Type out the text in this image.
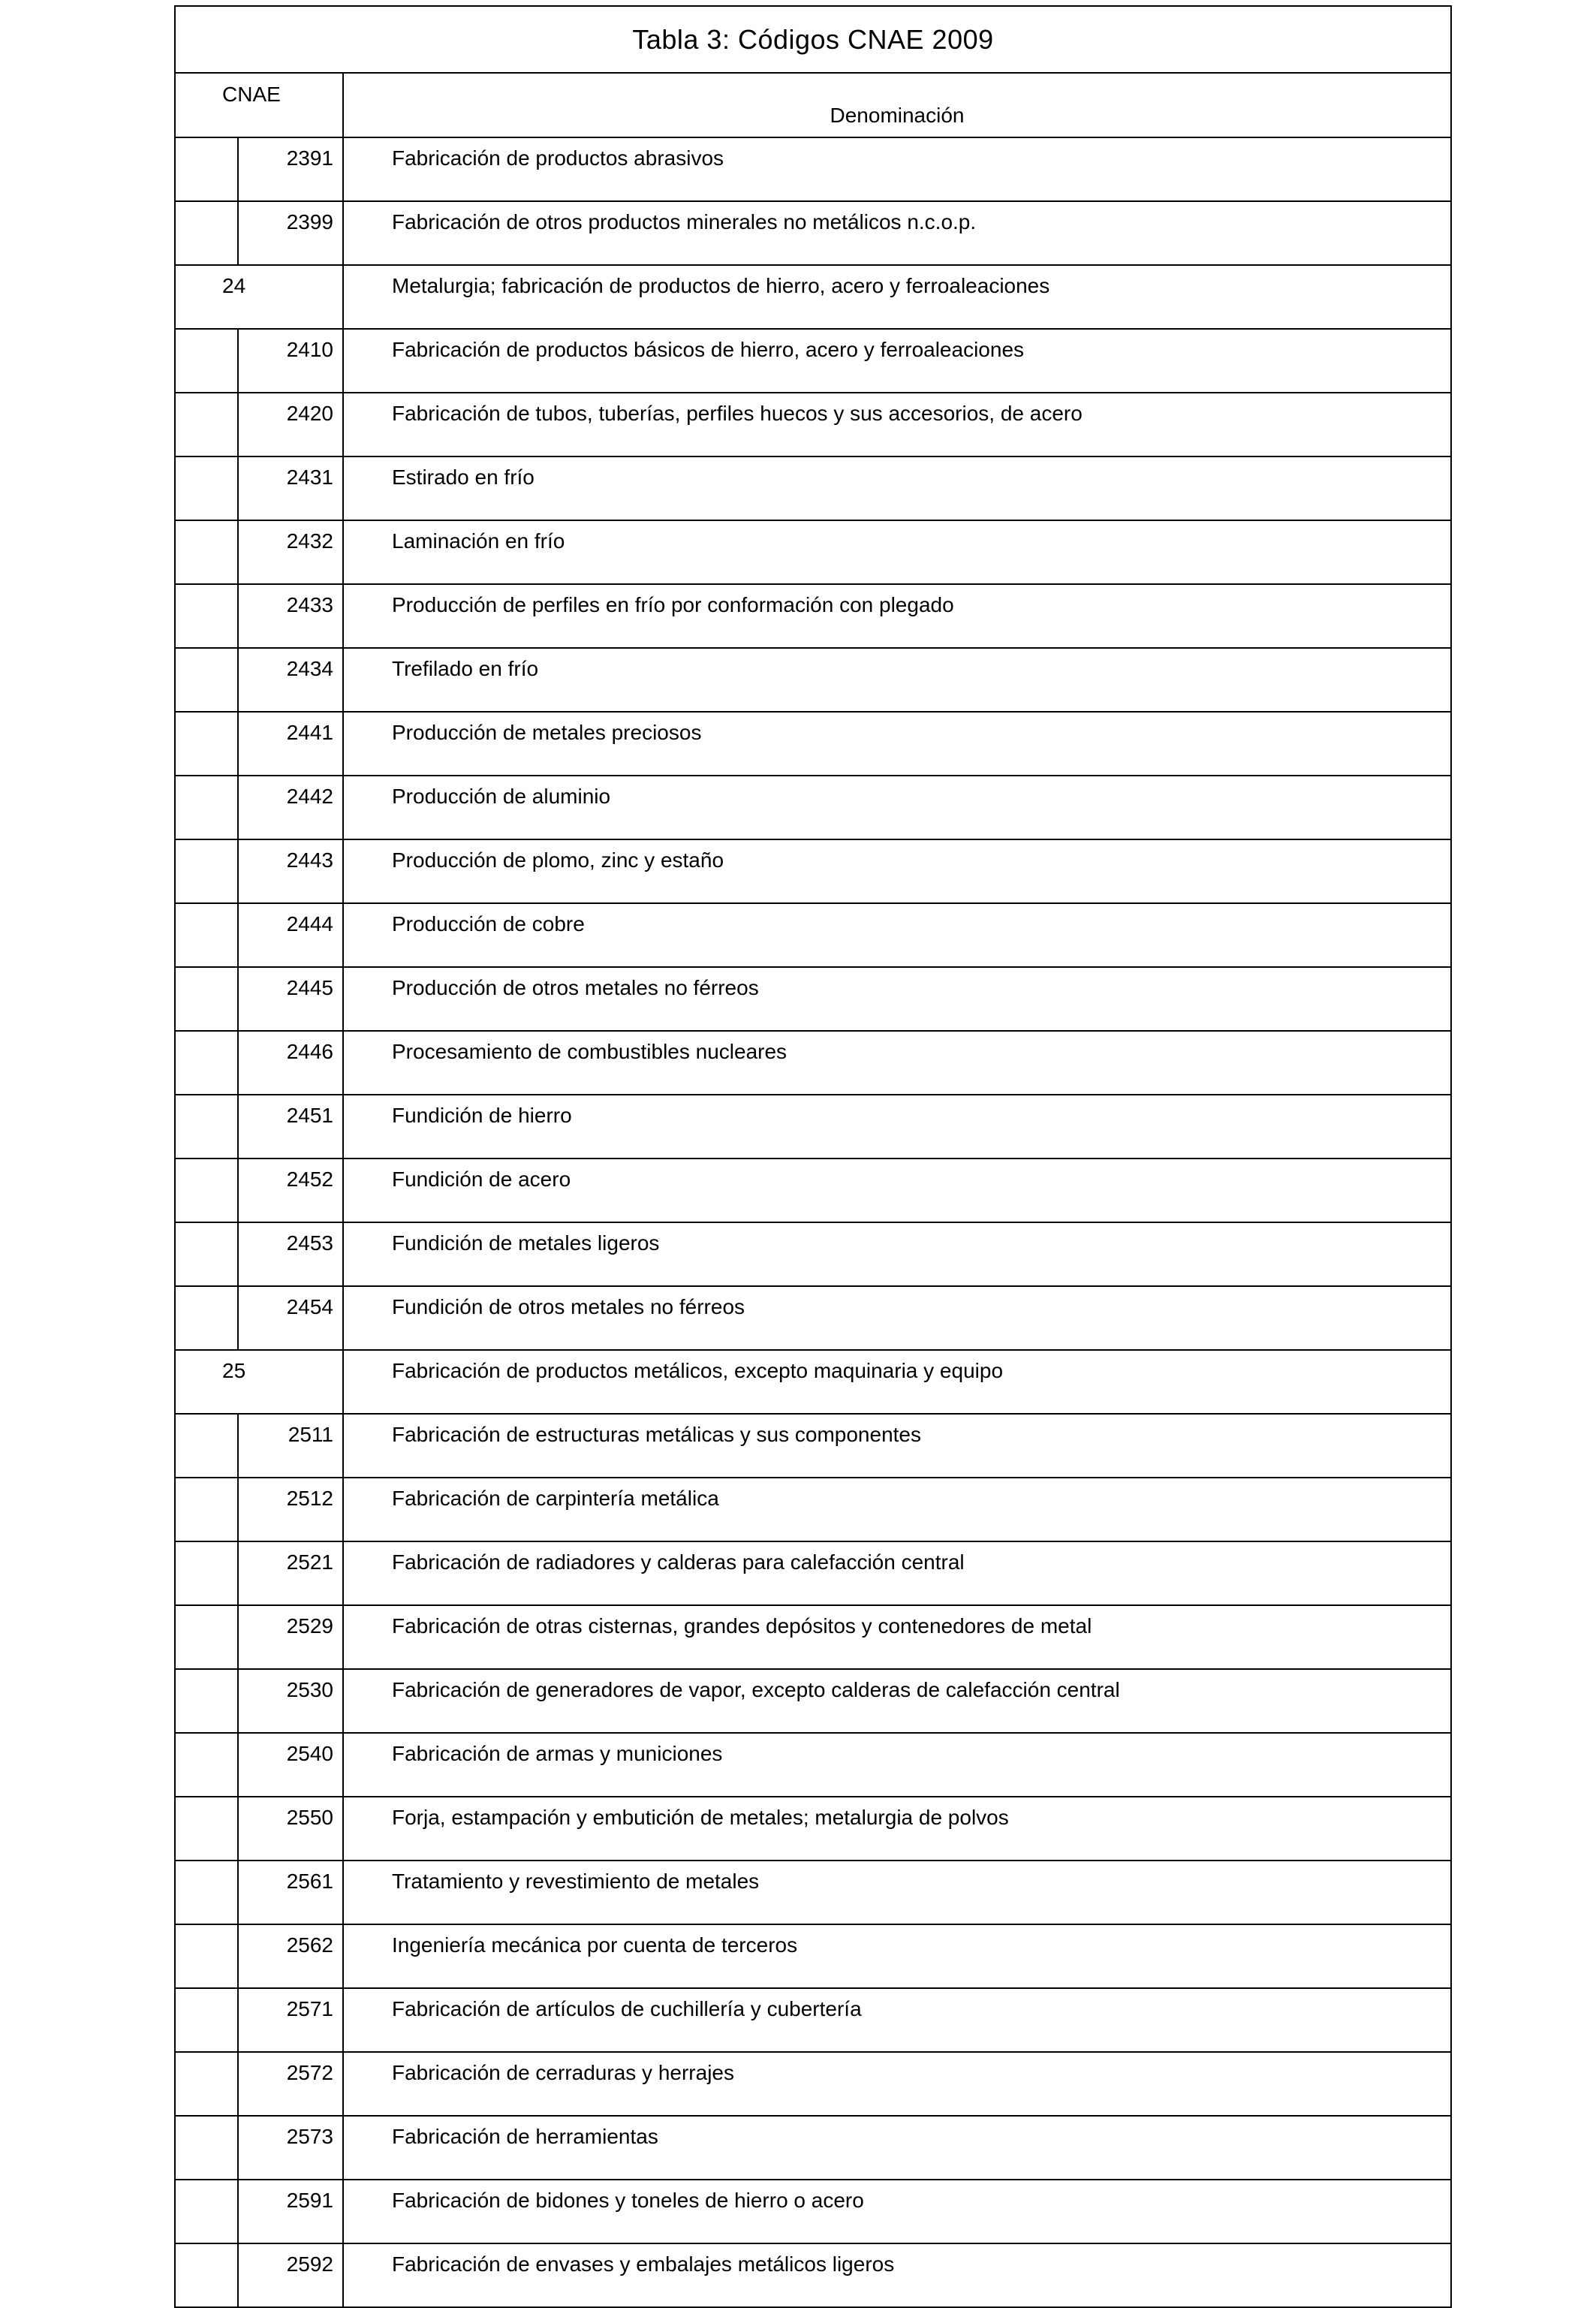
Tabla 3: Códigos CNAE 2009		
CNAE		Denominación
	2391	Fabricación de productos abrasivos
	2399	Fabricación de otros productos minerales no metálicos n.c.o.p.
24		Metalurgia; fabricación de productos de hierro, acero y ferroaleaciones
	2410	Fabricación de productos básicos de hierro, acero y ferroaleaciones
	2420	Fabricación de tubos, tuberías, perfiles huecos y sus accesorios, de acero
	2431	Estirado en frío
	2432	Laminación en frío
	2433	Producción de perfiles en frío por conformación con plegado
	2434	Trefilado en frío
	2441	Producción de metales preciosos
	2442	Producción de aluminio
	2443	Producción de plomo, zinc y estaño
	2444	Producción de cobre
	2445	Producción de otros metales no férreos
	2446	Procesamiento de combustibles nucleares
	2451	Fundición de hierro
	2452	Fundición de acero
	2453	Fundición de metales ligeros
	2454	Fundición de otros metales no férreos
25		Fabricación de productos metálicos, excepto maquinaria y equipo
	2511	Fabricación de estructuras metálicas y sus componentes
	2512	Fabricación de carpintería metálica
	2521	Fabricación de radiadores y calderas para calefacción central
	2529	Fabricación de otras cisternas, grandes depósitos y contenedores de metal
	2530	Fabricación de generadores de vapor, excepto calderas de calefacción central
	2540	Fabricación de armas y municiones
	2550	Forja, estampación y embutición de metales; metalurgia de polvos
	2561	Tratamiento y revestimiento de metales
	2562	Ingeniería mecánica por cuenta de terceros
	2571	Fabricación de artículos de cuchillería y cubertería
	2572	Fabricación de cerraduras y herrajes
	2573	Fabricación de herramientas
	2591	Fabricación de bidones y toneles de hierro o acero
	2592	Fabricación de envases y embalajes metálicos ligeros
